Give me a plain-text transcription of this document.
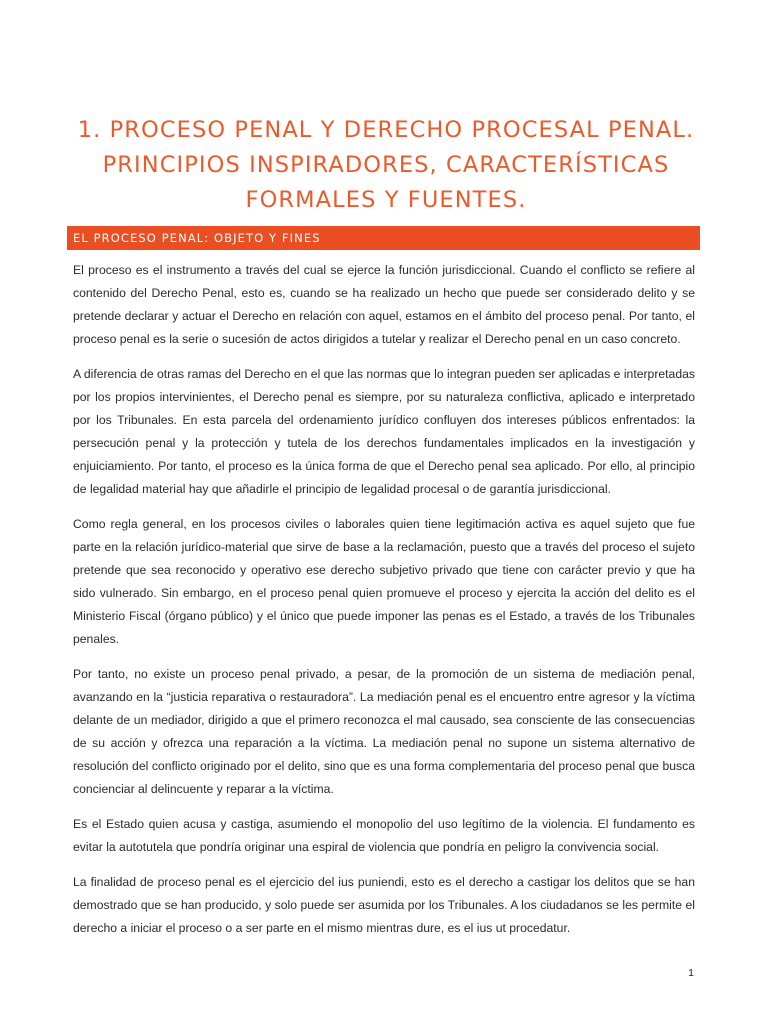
1. PROCESO PENAL Y DERECHO PROCESAL PENAL. PRINCIPIOS INSPIRADORES, CARACTERÍSTICAS FORMALES Y FUENTES.
EL PROCESO PENAL: OBJETO Y FINES

El proceso es el instrumento a través del cual se ejerce la función jurisdiccional. Cuando el conflicto se refiere al contenido del Derecho Penal, esto es, cuando se ha realizado un hecho que puede ser considerado delito y se pretende declarar y actuar el Derecho en relación con aquel, estamos en el ámbito del proceso penal. Por tanto, el proceso penal es la serie o sucesión de actos dirigidos a tutelar y realizar el Derecho penal en un caso concreto.

A diferencia de otras ramas del Derecho en el que las normas que lo integran pueden ser aplicadas e interpretadas por los propios intervinientes, el Derecho penal es siempre, por su naturaleza conflictiva, aplicado e interpretado por los Tribunales. En esta parcela del ordenamiento jurídico confluyen dos intereses públicos enfrentados: la persecución penal y la protección y tutela de los derechos fundamentales implicados en la investigación y enjuiciamiento. Por tanto, el proceso es la única forma de que el Derecho penal sea aplicado. Por ello, al principio de legalidad material hay que añadirle el principio de legalidad procesal o de garantía jurisdiccional.

Como regla general, en los procesos civiles o laborales quien tiene legitimación activa es aquel sujeto que fue parte en la relación jurídico-material que sirve de base a la reclamación, puesto que a través del proceso el sujeto pretende que sea reconocido y operativo ese derecho subjetivo privado que tiene con carácter previo y que ha sido vulnerado. Sin embargo, en el proceso penal quien promueve el proceso y ejercita la acción del delito es el Ministerio Fiscal (órgano público) y el único que puede imponer las penas es el Estado, a través de los Tribunales penales.

Por tanto, no existe un proceso penal privado, a pesar, de la promoción de un sistema de mediación penal, avanzando en la “justicia reparativa o restauradora”. La mediación penal es el encuentro entre agresor y la víctima delante de un mediador, dirigido a que el primero reconozca el mal causado, sea consciente de las consecuencias de su acción y ofrezca una reparación a la víctima. La mediación penal no supone un sistema alternativo de resolución del conflicto originado por el delito, sino que es una forma complementaria del proceso penal que busca concienciar al delincuente y reparar a la víctima.

Es el Estado quien acusa y castiga, asumiendo el monopolio del uso legítimo de la violencia. El fundamento es evitar la autotutela que pondría originar una espiral de violencia que pondría en peligro la convivencia social.

La finalidad de proceso penal es el ejercicio del ius puniendi, esto es el derecho a castigar los delitos que se han demostrado que se han producido, y solo puede ser asumida por los Tribunales. A los ciudadanos se les permite el derecho a iniciar el proceso o a ser parte en el mismo mientras dure, es el ius ut procedatur.

1
